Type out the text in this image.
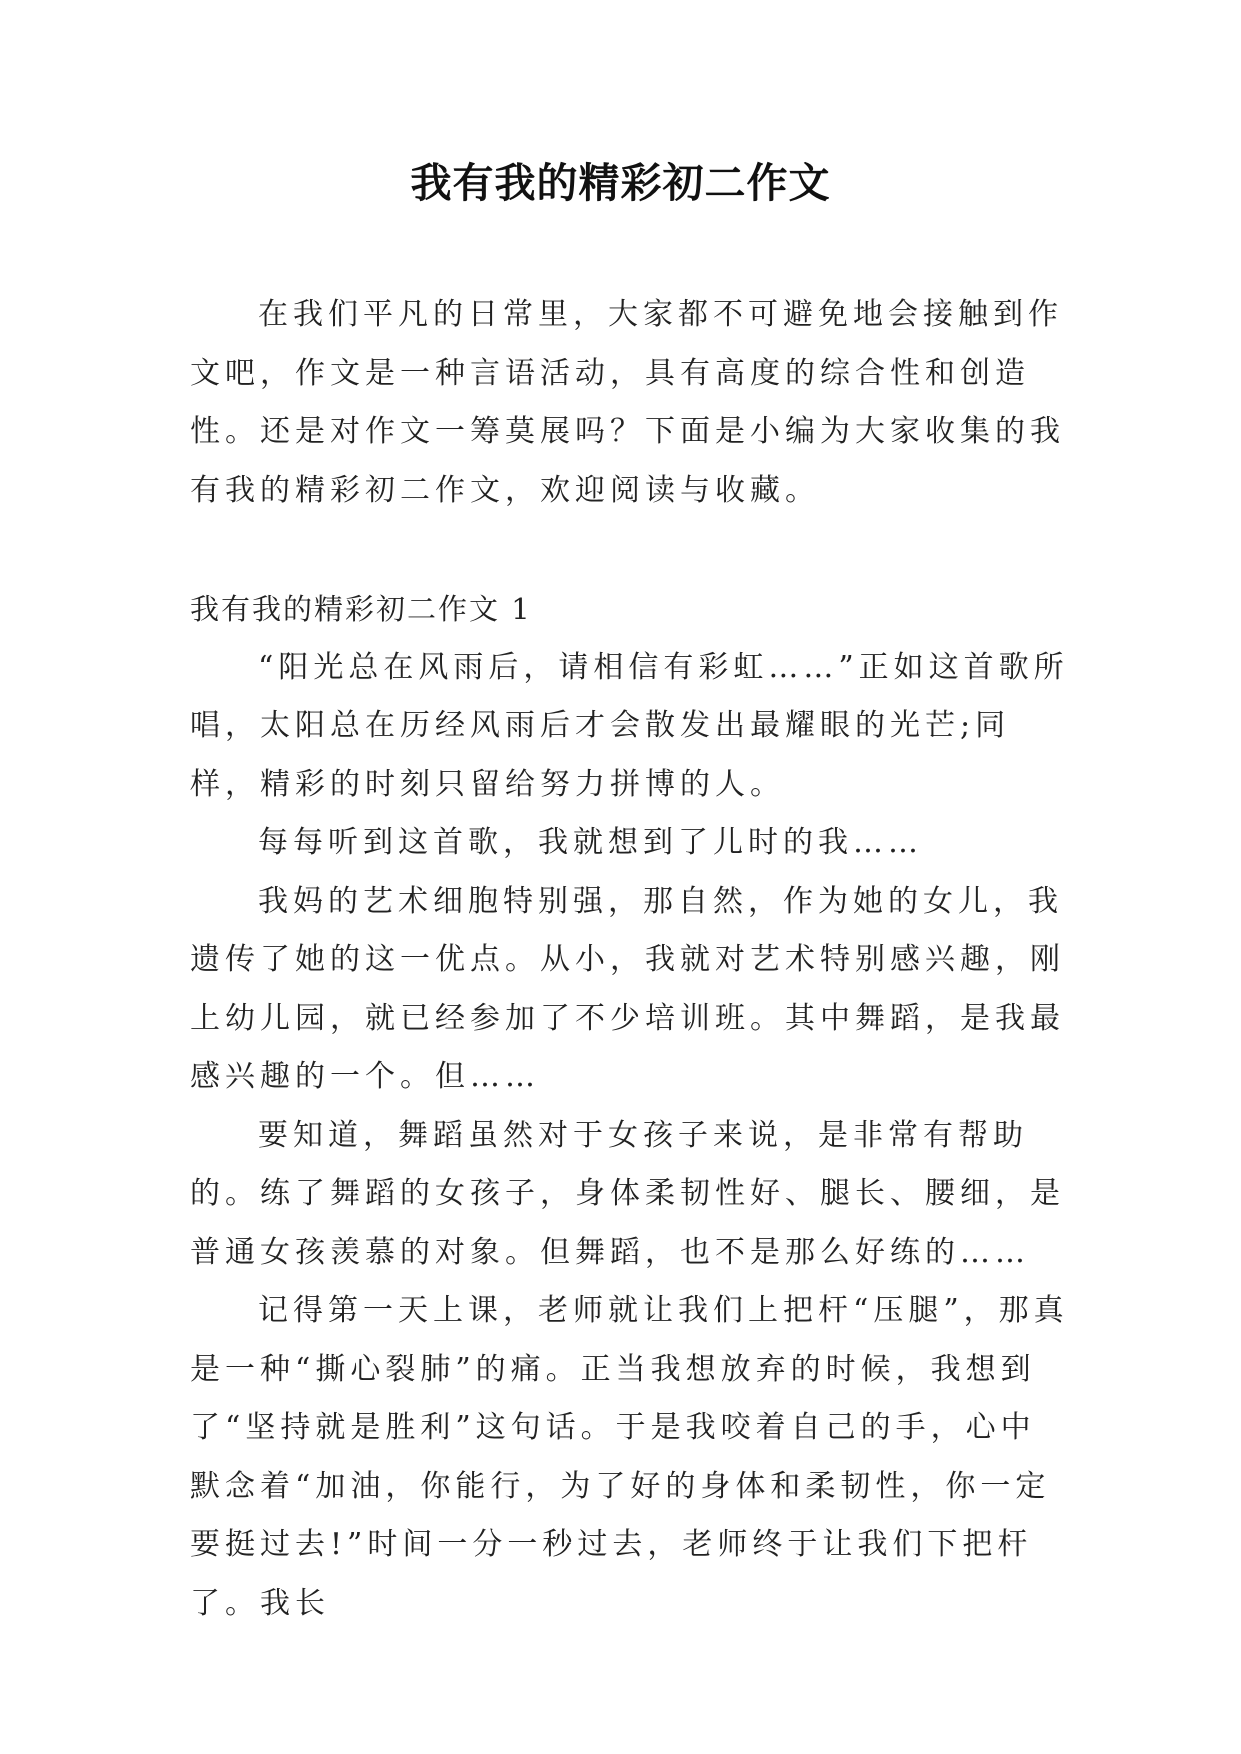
我有我的精彩初二作文

在我们平凡的日常里，大家都不可避免地会接触到作文吧，作文是一种言语活动，具有高度的综合性和创造性。还是对作文一筹莫展吗？下面是小编为大家收集的我有我的精彩初二作文，欢迎阅读与收藏。

我有我的精彩初二作文 1

“阳光总在风雨后，请相信有彩虹……”正如这首歌所唱，太阳总在历经风雨后才会散发出最耀眼的光芒;同样，精彩的时刻只留给努力拼博的人。

每每听到这首歌，我就想到了儿时的我……

我妈的艺术细胞特别强，那自然，作为她的女儿，我遗传了她的这一优点。从小，我就对艺术特别感兴趣，刚上幼儿园，就已经参加了不少培训班。其中舞蹈，是我最感兴趣的一个。但……

要知道，舞蹈虽然对于女孩子来说，是非常有帮助的。练了舞蹈的女孩子，身体柔韧性好、腿长、腰细，是普通女孩羡慕的对象。但舞蹈，也不是那么好练的……

记得第一天上课，老师就让我们上把杆“压腿”，那真是一种“撕心裂肺”的痛。正当我想放弃的时候，我想到了“坚持就是胜利”这句话。于是我咬着自己的手，心中默念着“加油，你能行，为了好的身体和柔韧性，你一定要挺过去!”时间一分一秒过去，老师终于让我们下把杆了。我长
